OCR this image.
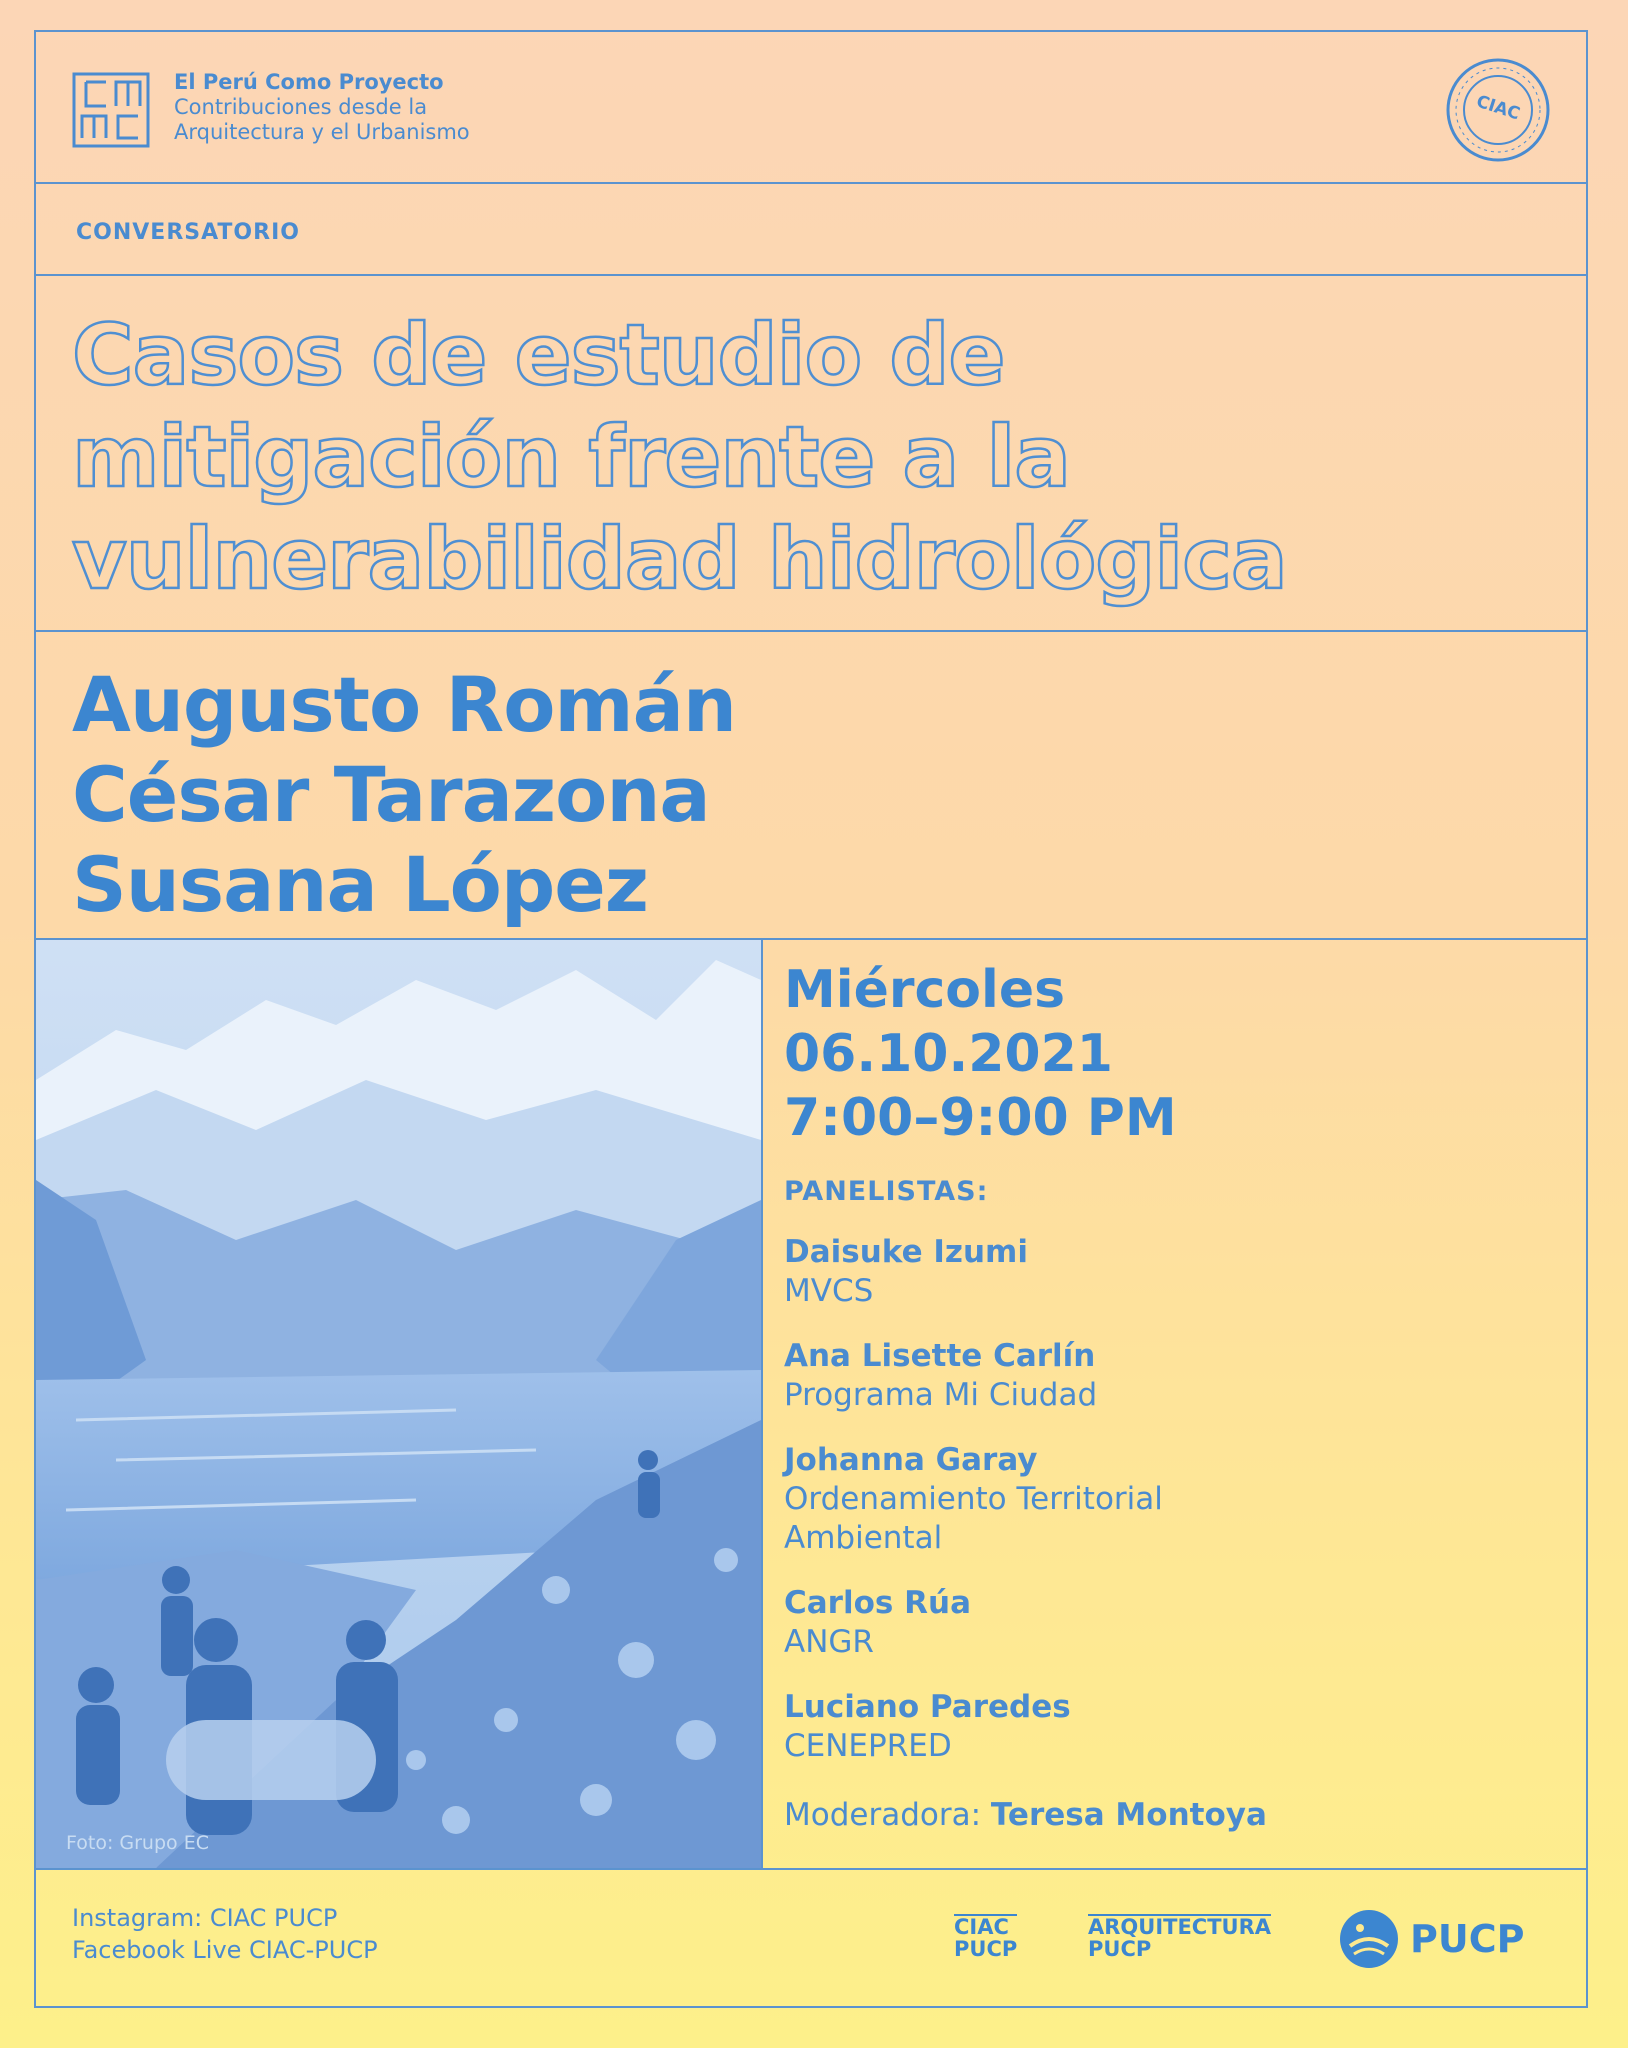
El Perú Como Proyecto
Contribuciones desde la
Arquitectura y el Urbanismo
CIAC
CONVERSATORIO
Casos de estudio de
mitigación frente a la
vulnerabilidad hidrológica
Augusto Román
César Tarazona
Susana López
Foto: Grupo EC
Miércoles
06.10.2021
7:00–9:00 PM
PANELISTAS:
Daisuke Izumi
MVCS
Ana Lisette Carlín
Programa Mi Ciudad
Johanna Garay
Ordenamiento Territorial
Ambiental
Carlos Rúa
ANGR
Luciano Paredes
CENEPRED
Moderadora: Teresa Montoya
Instagram: CIAC PUCP
Facebook Live CIAC-PUCP
CIAC
PUCP
ARQUITECTURA
PUCP	PUCP
